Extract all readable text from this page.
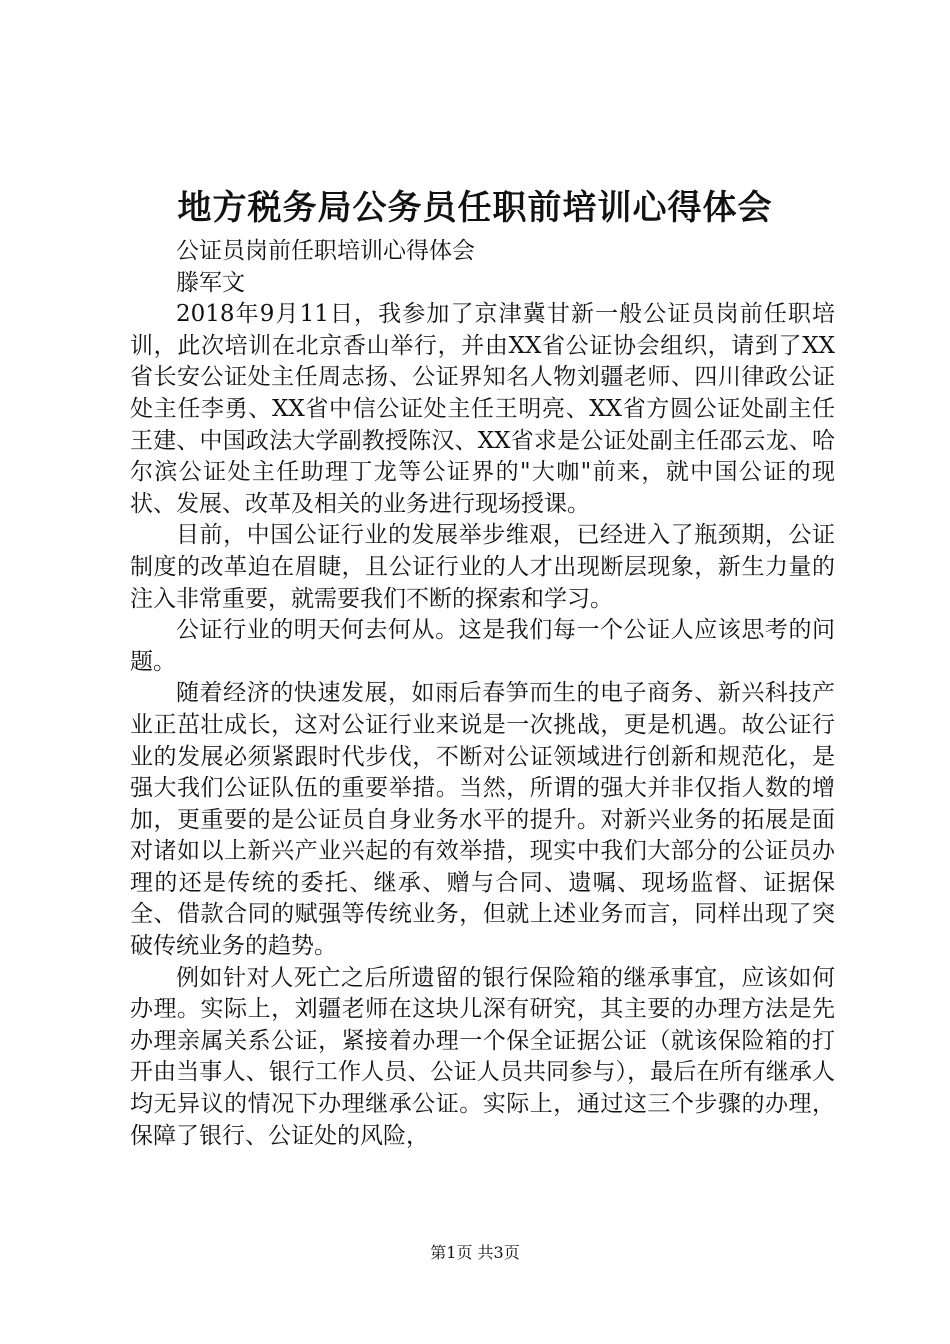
地方税务局公务员任职前培训心得体会

公证员岗前任职培训心得体会

滕军文

2018年9月11日，我参加了京津冀甘新一般公证员岗前任职培训，此次培训在北京香山举行，并由XX省公证协会组织，请到了XX省长安公证处主任周志扬、公证界知名人物刘疆老师、四川律政公证处主任李勇、XX省中信公证处主任王明亮、XX省方圆公证处副主任王建、中国政法大学副教授陈汉、XX省求是公证处副主任邵云龙、哈尔滨公证处主任助理丁龙等公证界的"大咖"前来，就中国公证的现状、发展、改革及相关的业务进行现场授课。

目前，中国公证行业的发展举步维艰，已经进入了瓶颈期，公证制度的改革迫在眉睫，且公证行业的人才出现断层现象，新生力量的注入非常重要，就需要我们不断的探索和学习。

公证行业的明天何去何从。这是我们每一个公证人应该思考的问题。

随着经济的快速发展，如雨后春笋而生的电子商务、新兴科技产业正茁壮成长，这对公证行业来说是一次挑战，更是机遇。故公证行业的发展必须紧跟时代步伐，不断对公证领域进行创新和规范化，是强大我们公证队伍的重要举措。当然，所谓的强大并非仅指人数的增加，更重要的是公证员自身业务水平的提升。对新兴业务的拓展是面对诸如以上新兴产业兴起的有效举措，现实中我们大部分的公证员办理的还是传统的委托、继承、赠与合同、遗嘱、现场监督、证据保全、借款合同的赋强等传统业务，但就上述业务而言，同样出现了突破传统业务的趋势。

例如针对人死亡之后所遗留的银行保险箱的继承事宜，应该如何办理。实际上，刘疆老师在这块儿深有研究，其主要的办理方法是先办理亲属关系公证，紧接着办理一个保全证据公证（就该保险箱的打开由当事人、银行工作人员、公证人员共同参与），最后在所有继承人均无异议的情况下办理继承公证。实际上，通过这三个步骤的办理，保障了银行、公证处的风险，

第1页 共3页
